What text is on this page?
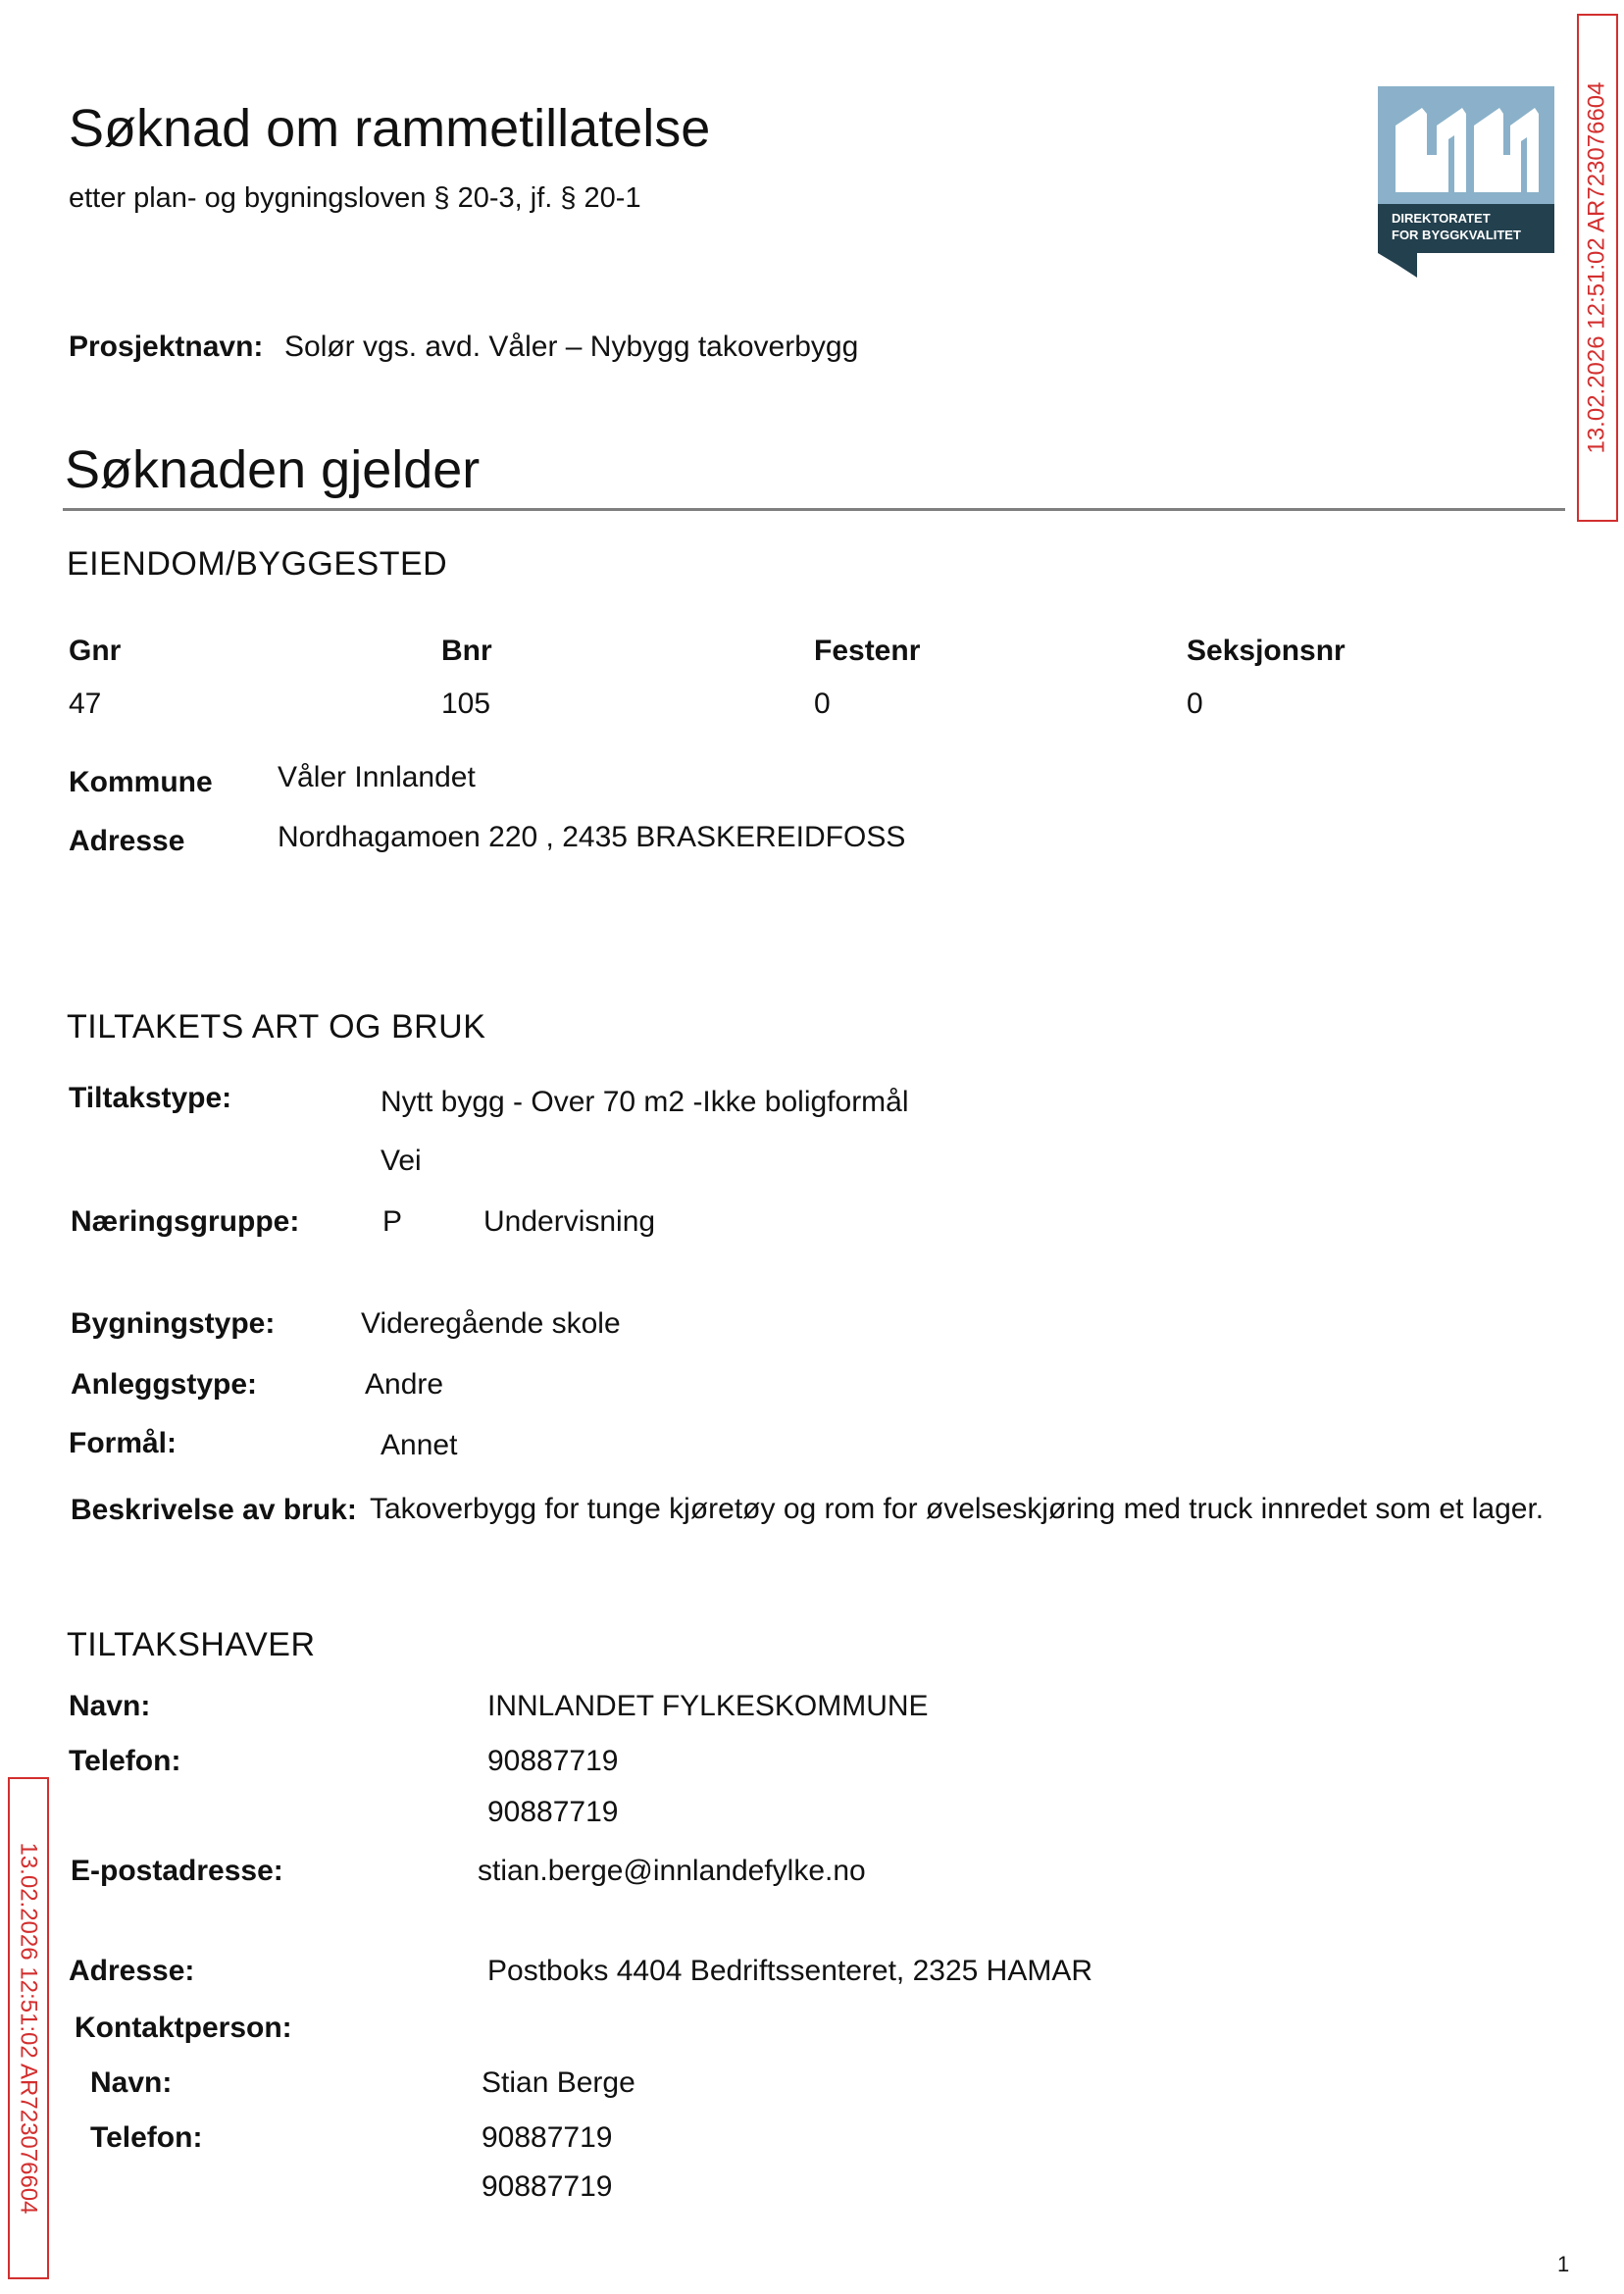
Søknad om rammetillatelse
etter plan- og bygningsloven § 20-3, jf. § 20-1
Prosjektnavn: Solør vgs. avd. Våler – Nybygg takoverbygg
DIREKTORATET
FOR BYGGKVALITET	13.02.2026 12:51:02 AR723076604
13.02.2026 12:51:02 AR723076604
Søknaden gjelder
EIENDOM/BYGGESTED
Gnr	Bnr	Festenr	Seksjonsnr
47	105	0	0
Kommune Våler Innlandet
Adresse	Nordhagamoen 220 , 2435 BRASKEREIDFOSS
TILTAKETS ART OG BRUK
Tiltakstype:	Nytt bygg - Over 70 m2 -Ikke boligformål
Vei
Næringsgruppe:	P	Undervisning
Bygningstype:	Videregående skole
Anleggstype:	Andre
Formål:	Annet
Beskrivelse av bruk: Takoverbygg for tunge kjøretøy og rom for øvelseskjøring med truck innredet som et lager.
TILTAKSHAVER
Navn:	INNLANDET FYLKESKOMMUNE
Telefon:	90887719
90887719
E-postadresse:	stian.berge@innlandefylke.no
Adresse:	Postboks 4404 Bedriftssenteret, 2325 HAMAR
Kontaktperson:
Navn:	Stian Berge
Telefon:	90887719
90887719
1
